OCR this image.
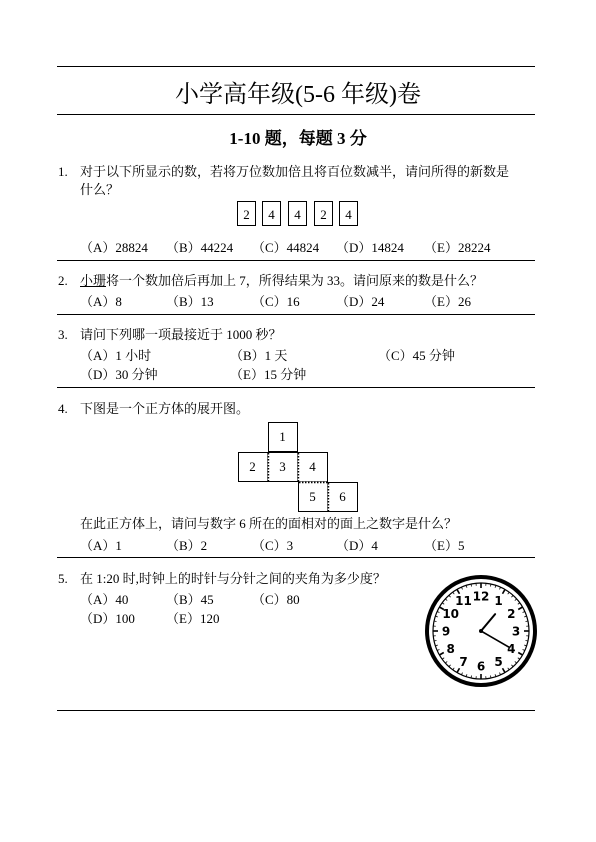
小学高年级(5-6 年级)卷
1-10 题，每题 3 分
1. 对于以下所显示的数，若将万位数加倍且将百位数减半，请问所得的新数是
什么？
2	4	4	2	4
（A）28824 （B）44224 （C）44824 （D）14824 （E）28224
2. 小珊将一个数加倍后再加上 7，所得结果为 33。请问原来的数是什么？
（A）8	（B）13	（C）16	（D）24	（E）26
3. 请问下列哪一项最接近于 1000 秒？
（A）1 小时	（B）1 天	（C）45 分钟
（D）30 分钟	（E）15 分钟
4. 下图是一个正方体的展开图。
1
2	3	4
5	6
在此正方体上，请问与数字 6 所在的面相对的面上之数字是什么？
（A）1	（B）2	（C）3	（D）4	（E）5
5. 在 1:20 时,时钟上的时针与分针之间的夹角为多少度？
（A）40	（B）45	（C）80
（D）100 （E）120
12 1
2
3
4
5
6
7
8
9
10
11
